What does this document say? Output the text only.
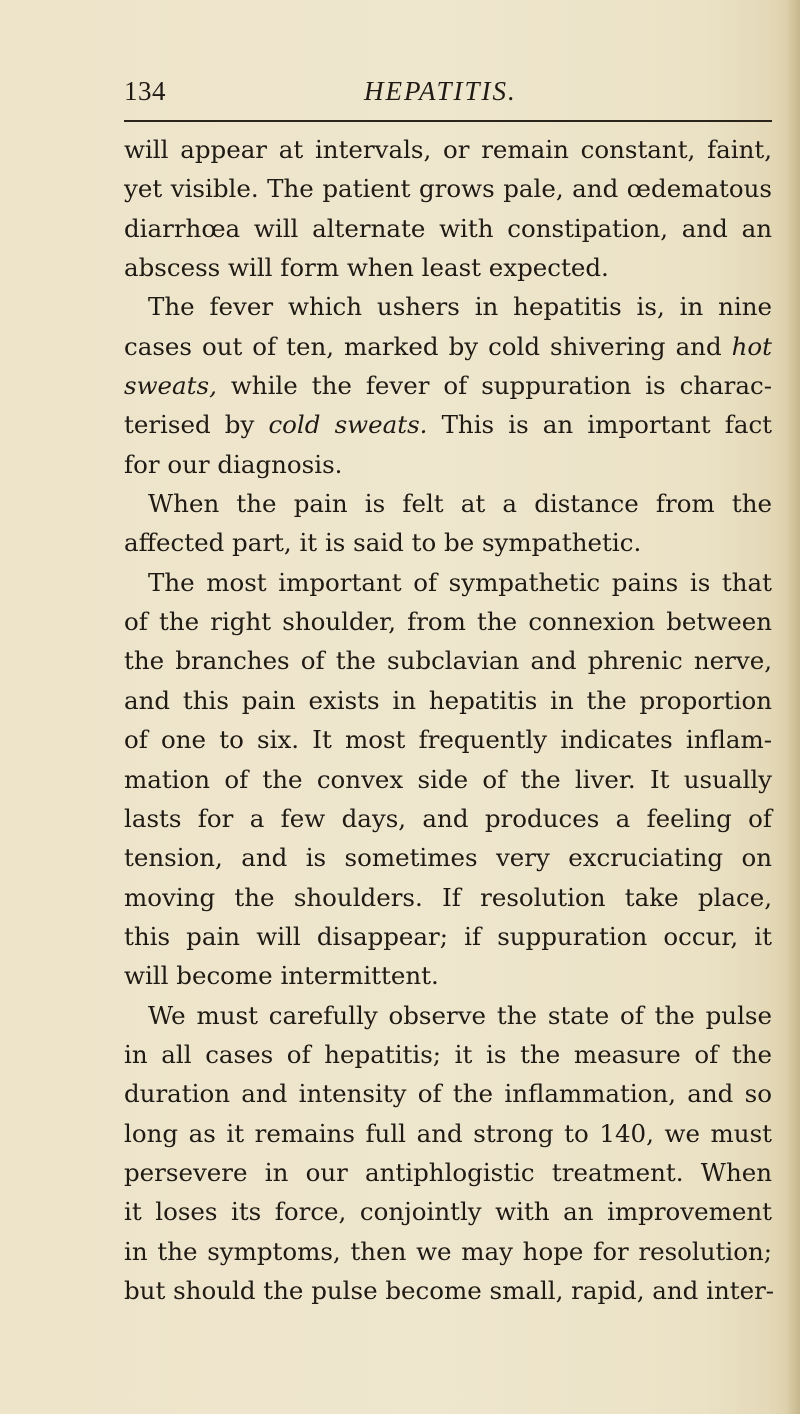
134	HEPATITIS.
will appear at intervals, or remain constant, faint,
yet visible. The patient grows pale, and œdematous
diarrhœa will alternate with constipation, and an
abscess will form when least expected.
The fever which ushers in hepatitis is, in nine
cases out of ten, marked by cold shivering and hot
sweats, while the fever of suppuration is charac-
terised by cold sweats. This is an important fact
for our diagnosis.
When the pain is felt at a distance from the
affected part, it is said to be sympathetic.
The most important of sympathetic pains is that
of the right shoulder, from the connexion between
the branches of the subclavian and phrenic nerve,
and this pain exists in hepatitis in the proportion
of one to six. It most frequently indicates inflam-
mation of the convex side of the liver. It usually
lasts for a few days, and produces a feeling of
tension, and is sometimes very excruciating on
moving the shoulders. If resolution take place,
this pain will disappear; if suppuration occur, it
will become intermittent.
We must carefully observe the state of the pulse
in all cases of hepatitis; it is the measure of the
duration and intensity of the inflammation, and so
long as it remains full and strong to 140, we must
persevere in our antiphlogistic treatment. When
it loses its force, conjointly with an improvement
in the symptoms, then we may hope for resolution;
but should the pulse become small, rapid, and inter-
